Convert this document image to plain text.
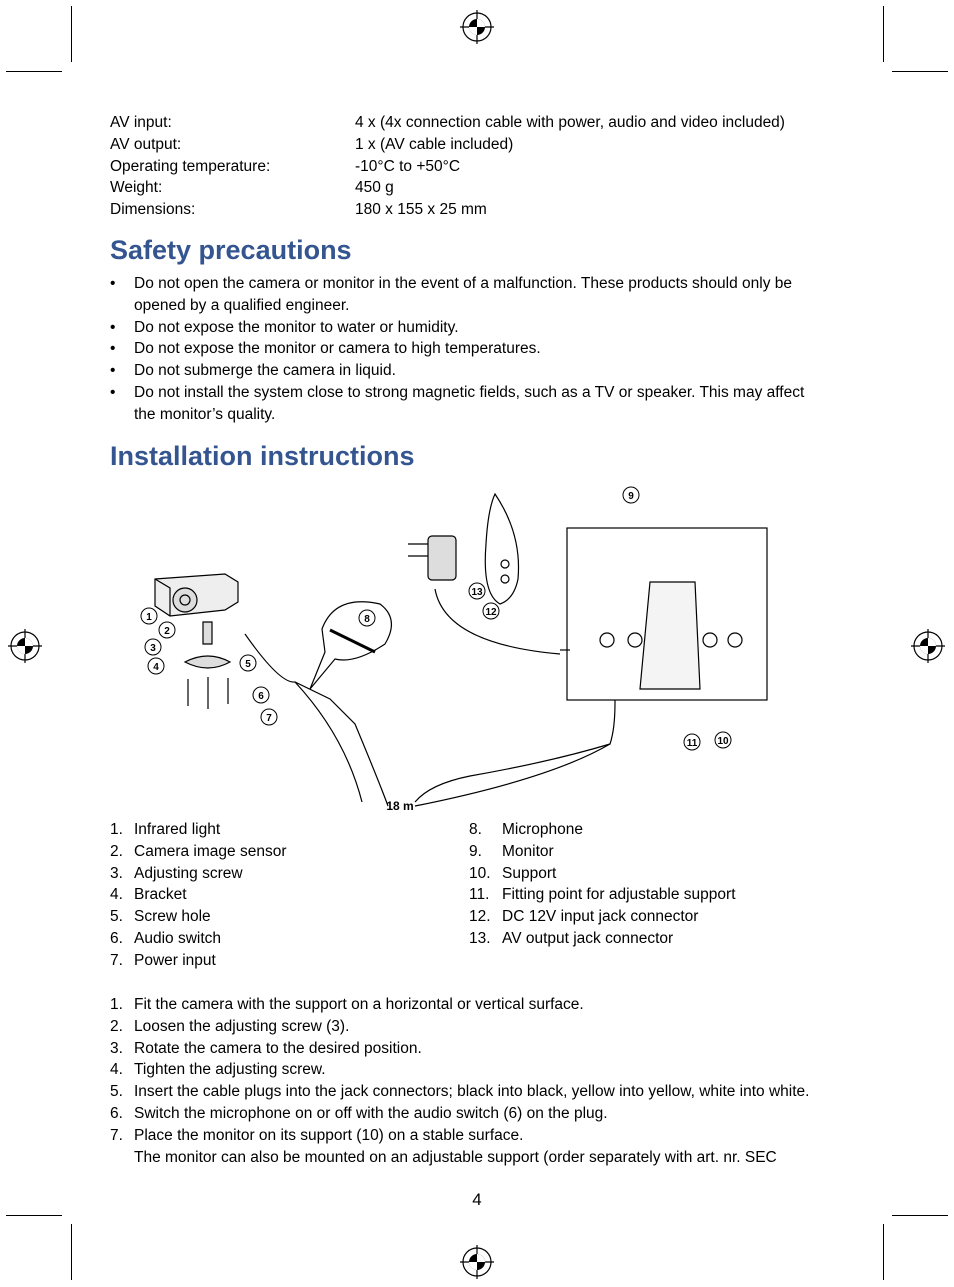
AV input:	4 x (4x connection cable with power, audio and video included)
AV output:	1 x (AV cable included)
Operating temperature:	-10°C to +50°C
Weight:	450 g
Dimensions:	180 x 155 x 25 mm
Safety precautions
•	Do not open the camera or monitor in the event of a malfunction. These products should only be
opened by a qualified engineer.
•	Do not expose the monitor to water or humidity.
•	Do not expose the monitor or camera to high temperatures.
•	Do not submerge the camera in liquid.
•	Do not install the system close to strong magnetic fields, such as a TV or speaker. This may affect
the monitor’s quality.
Installation instructions
1
2
3
4	5
6
7
8
9
10
11
12
13
18 m
1. Infrared light
2. Camera image sensor
3. Adjusting screw
4. Bracket
5. Screw hole
6. Audio switch
7. Power input
8.	Microphone
9.	Monitor
10. Support
11. Fitting point for adjustable support
12. DC 12V input jack connector
13. AV output jack connector
1. Fit the camera with the support on a horizontal or vertical surface.
2. Loosen the adjusting screw (3).
3. Rotate the camera to the desired position.
4. Tighten the adjusting screw.
5. Insert the cable plugs into the jack connectors; black into black, yellow into yellow, white into white.
6. Switch the microphone on or off with the audio switch (6) on the plug.
7. Place the monitor on its support (10) on a stable surface.
The monitor can also be mounted on an adjustable support (order separately with art. nr. SEC
4
